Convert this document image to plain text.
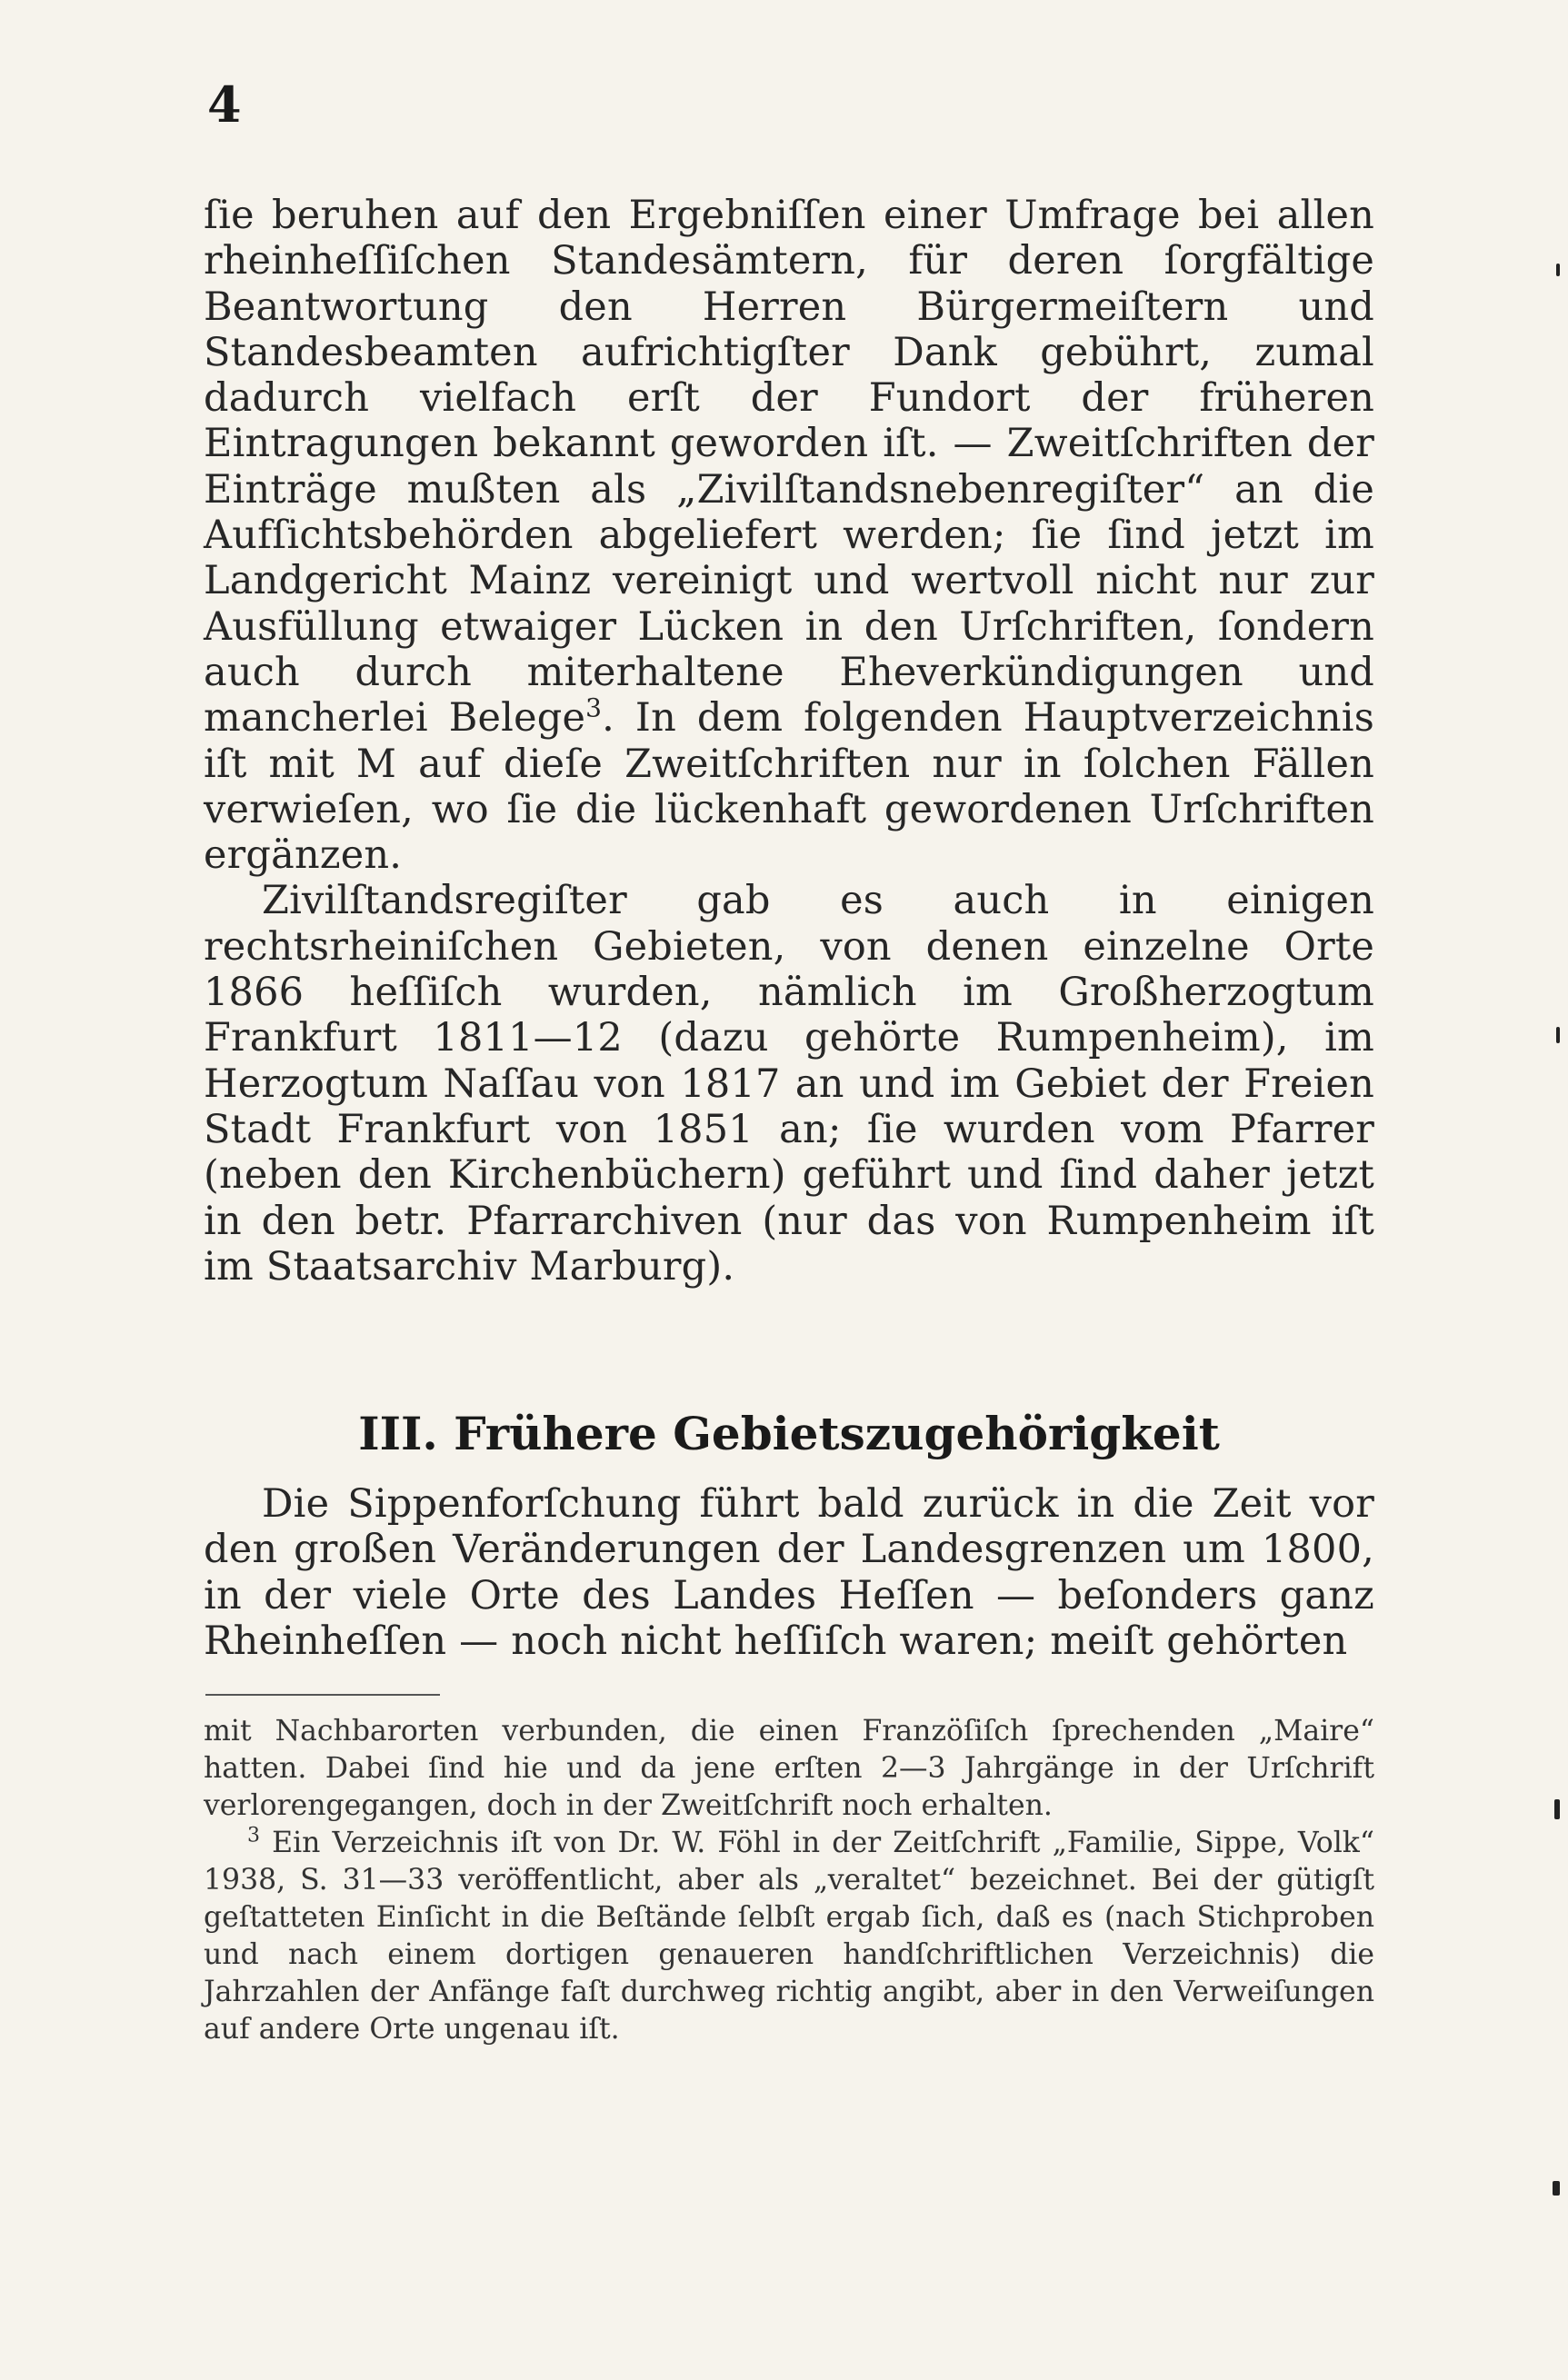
4

ſie beruhen auf den Ergebniſſen einer Umfrage bei allen rheinheſſiſchen Standesämtern, für deren ſorgfältige Beantwortung den Herren Bürgermeiſtern und Standesbeamten aufrichtigſter Dank gebührt, zumal dadurch vielfach erſt der Fundort der früheren Eintragungen bekannt geworden iſt. — Zweitſchriften der Einträge mußten als „Zivilſtandsnebenregiſter“ an die Aufſichtsbehörden abgeliefert werden; ſie ſind jetzt im Landgericht Mainz vereinigt und wertvoll nicht nur zur Ausfüllung etwaiger Lücken in den Urſchriften, ſondern auch durch miterhaltene Eheverkündigungen und mancherlei Belege$^3$. In dem folgenden Hauptverzeichnis iſt mit M auf dieſe Zweitſchriften nur in ſolchen Fällen verwieſen, wo ſie die lückenhaft gewordenen Urſchriften ergänzen.

Zivilſtandsregiſter gab es auch in einigen rechtsrheiniſchen Gebieten, von denen einzelne Orte 1866 heſſiſch wurden, nämlich im Großherzogtum Frankfurt 1811—12 (dazu gehörte Rumpenheim), im Herzogtum Naſſau von 1817 an und im Gebiet der Freien Stadt Frankfurt von 1851 an; ſie wurden vom Pfarrer (neben den Kirchenbüchern) geführt und ſind daher jetzt in den betr. Pfarrarchiven (nur das von Rumpenheim iſt im Staatsarchiv Marburg).

III. Frühere Gebietszugehörigkeit

Die Sippenforſchung führt bald zurück in die Zeit vor den großen Veränderungen der Landesgrenzen um 1800, in der viele Orte des Landes Heſſen — beſonders ganz Rheinheſſen — noch nicht heſſiſch waren; meiſt gehörten

mit Nachbarorten verbunden, die einen Franzöſiſch ſprechenden „Maire“ hatten. Dabei ſind hie und da jene erſten 2—3 Jahrgänge in der Urſchrift verlorengegangen, doch in der Zweitſchrift noch erhalten.

$^3$ Ein Verzeichnis iſt von Dr. W. Föhl in der Zeitſchrift „Familie, Sippe, Volk“ 1938, S. 31—33 veröffentlicht, aber als „veraltet“ bezeichnet. Bei der gütigſt geſtatteten Einſicht in die Beſtände ſelbſt ergab ſich, daß es (nach Stichproben und nach einem dortigen genaueren handſchriftlichen Verzeichnis) die Jahrzahlen der Anfänge faſt durchweg richtig angibt, aber in den Verweiſungen auf andere Orte ungenau iſt.
